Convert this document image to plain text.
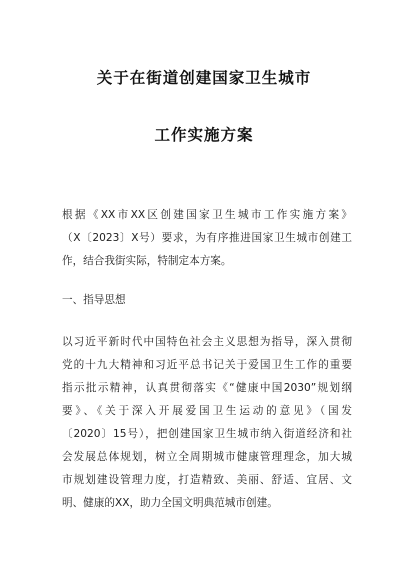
关于在街道创建国家卫生城市
工作实施方案
根据《XX市XX区创建国家卫生城市工作实施方案》
（X〔2023〕X号）要求，为有序推进国家卫生城市创建工
作，结合我街实际，特制定本方案。
一、指导思想
以习近平新时代中国特色社会主义思想为指导，深入贯彻
党的十九大精神和习近平总书记关于爱国卫生工作的重要
指示批示精神，认真贯彻落实《“健康中国2030”规划纲
要》、《关于深入开展爱国卫生运动的意见》（国发
〔2020〕15号），把创建国家卫生城市纳入街道经济和社
会发展总体规划，树立全周期城市健康管理理念，加大城
市规划建设管理力度，打造精致、美丽、舒适、宜居、文
明、健康的XX，助力全国文明典范城市创建。
